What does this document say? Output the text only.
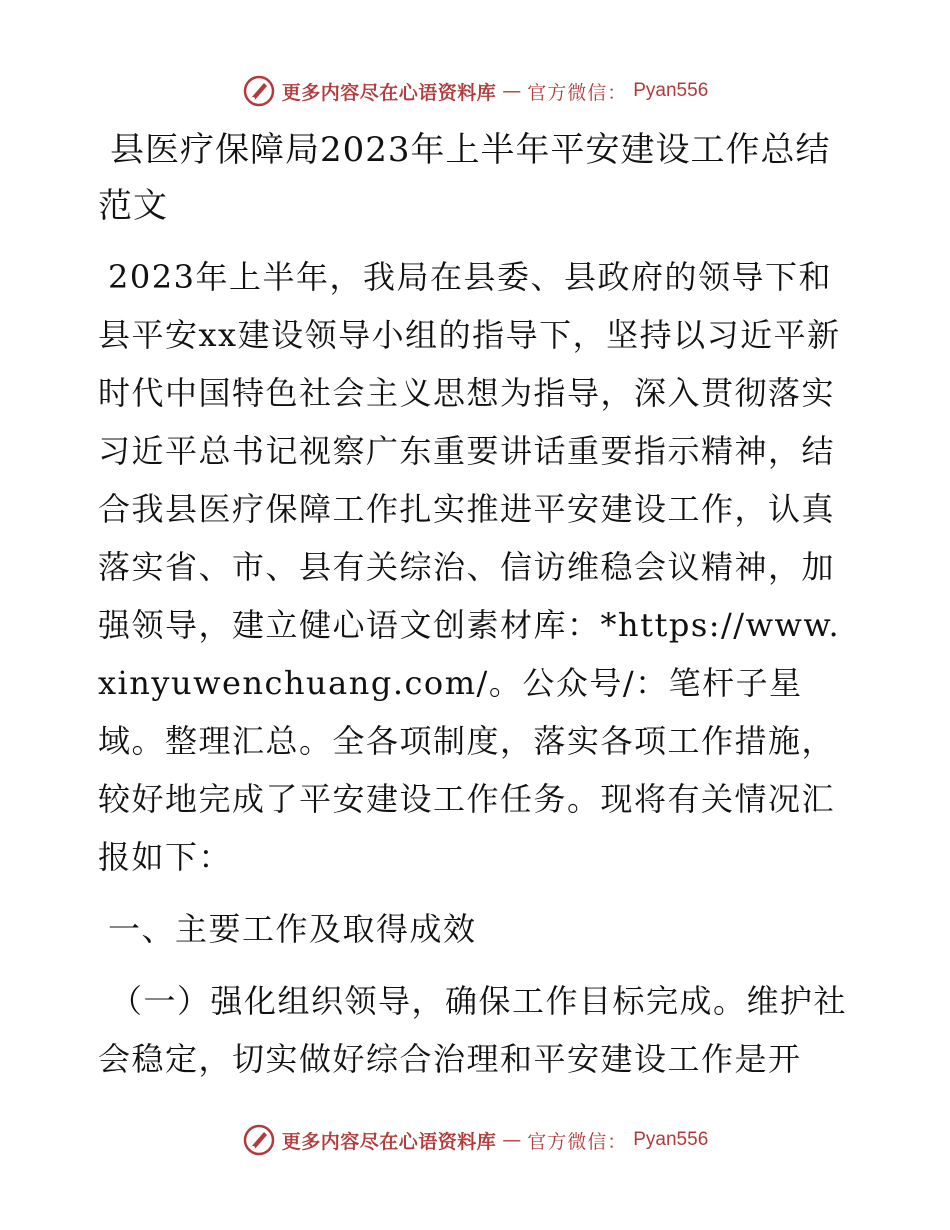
更多内容尽在心语资料库 — 官方微信： Pyan556
县医疗保障局2023年上半年平安建设工作总结范文

2023年上半年，我局在县委、县政府的领导下和县平安xx建设领导小组的指导下，坚持以习近平新时代中国特色社会主义思想为指导，深入贯彻落实习近平总书记视察广东重要讲话重要指示精神，结合我县医疗保障工作扎实推进平安建设工作，认真落实省、市、县有关综治、信访维稳会议精神，加强领导，建立健心语文创素材库：*https://www.xinyuwenchuang.com/。公众号/：笔杆子星域。整理汇总。全各项制度，落实各项工作措施，较好地完成了平安建设工作任务。现将有关情况汇报如下：

一、主要工作及取得成效

（一）强化组织领导，确保工作目标完成。维护社会稳定，切实做好综合治理和平安建设工作是开

更多内容尽在心语资料库 — 官方微信： Pyan556
